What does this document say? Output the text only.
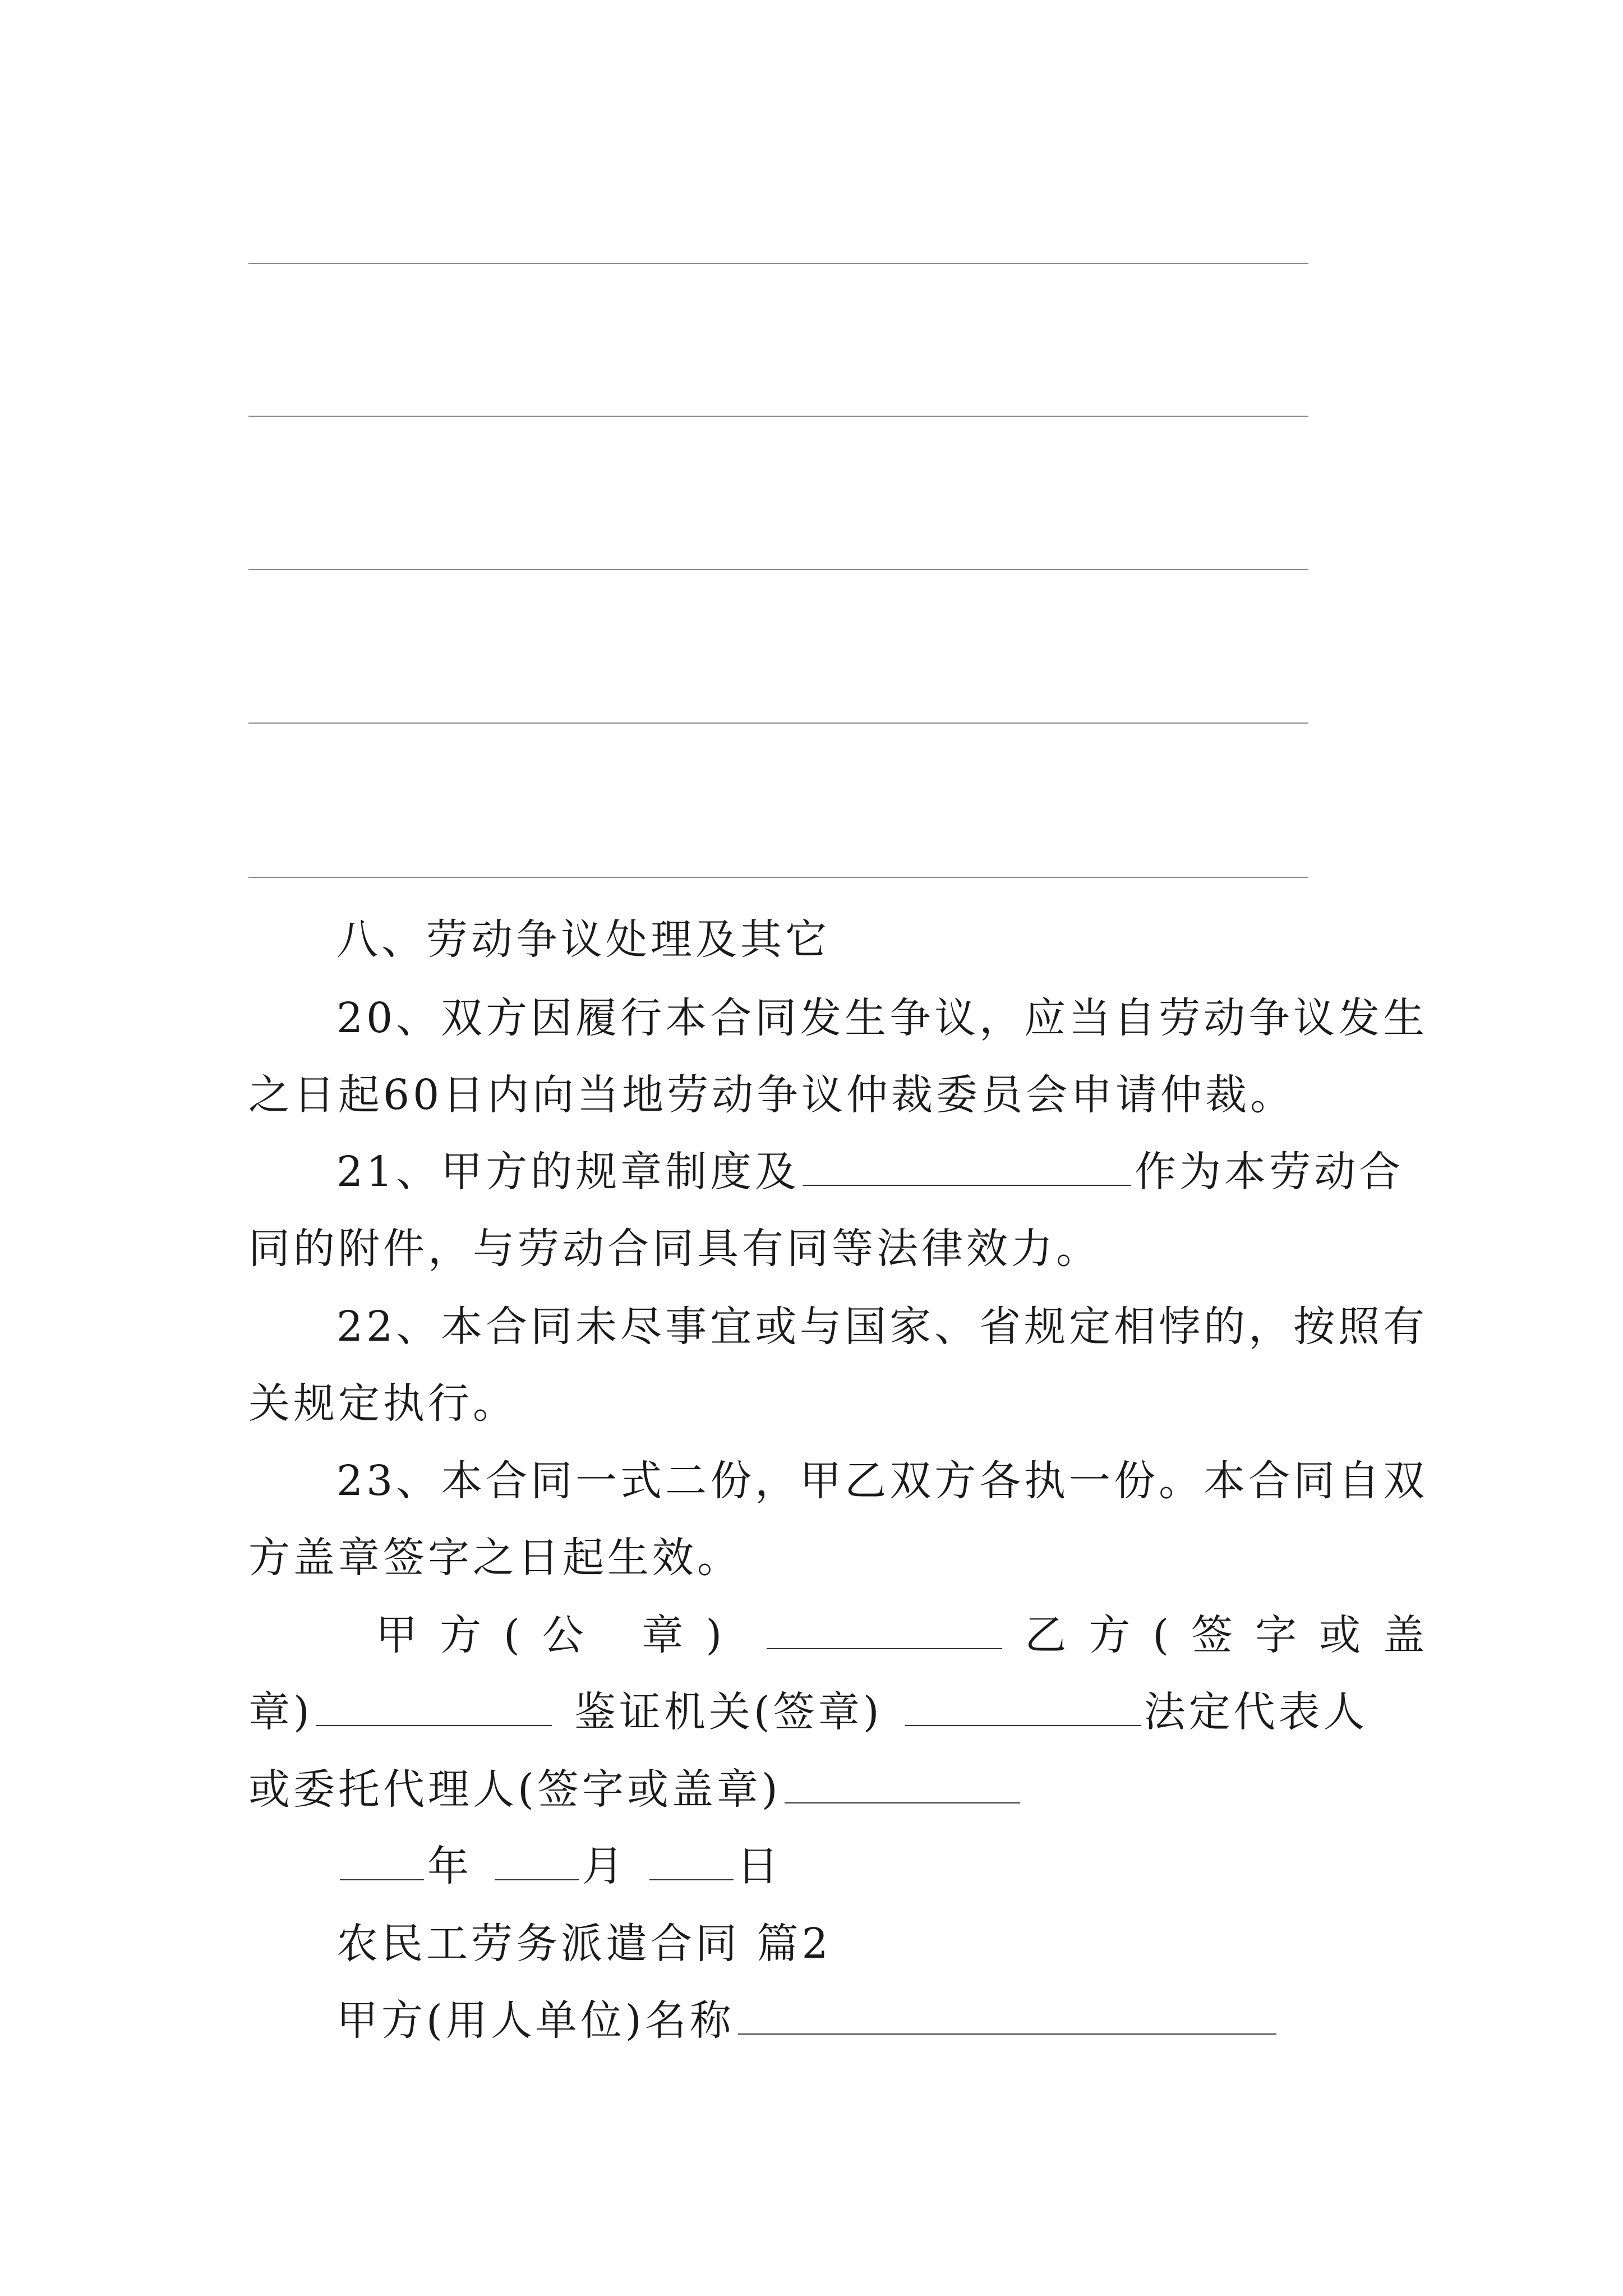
八、劳动争议处理及其它
20、双方因履行本合同发生争议，应当自劳动争议发生
之日起60日内向当地劳动争议仲裁委员会申请仲裁。
21、甲方的规章制度及	作为本劳动合
同的附件，与劳动合同具有同等法律效力。
22、本合同未尽事宜或与国家、省规定相悖的，按照有
关规定执行。
23、本合同一式二份，甲乙双方各执一份。本合同自双
方盖章签字之日起生效。
甲方(公 章)	乙方(签字或盖
章)	鉴证机关(签章)	法定代表人
或委托代理人(签字或盖章)
年	月	日
农民工劳务派遣合同 篇2
甲方(用人单位)名称
